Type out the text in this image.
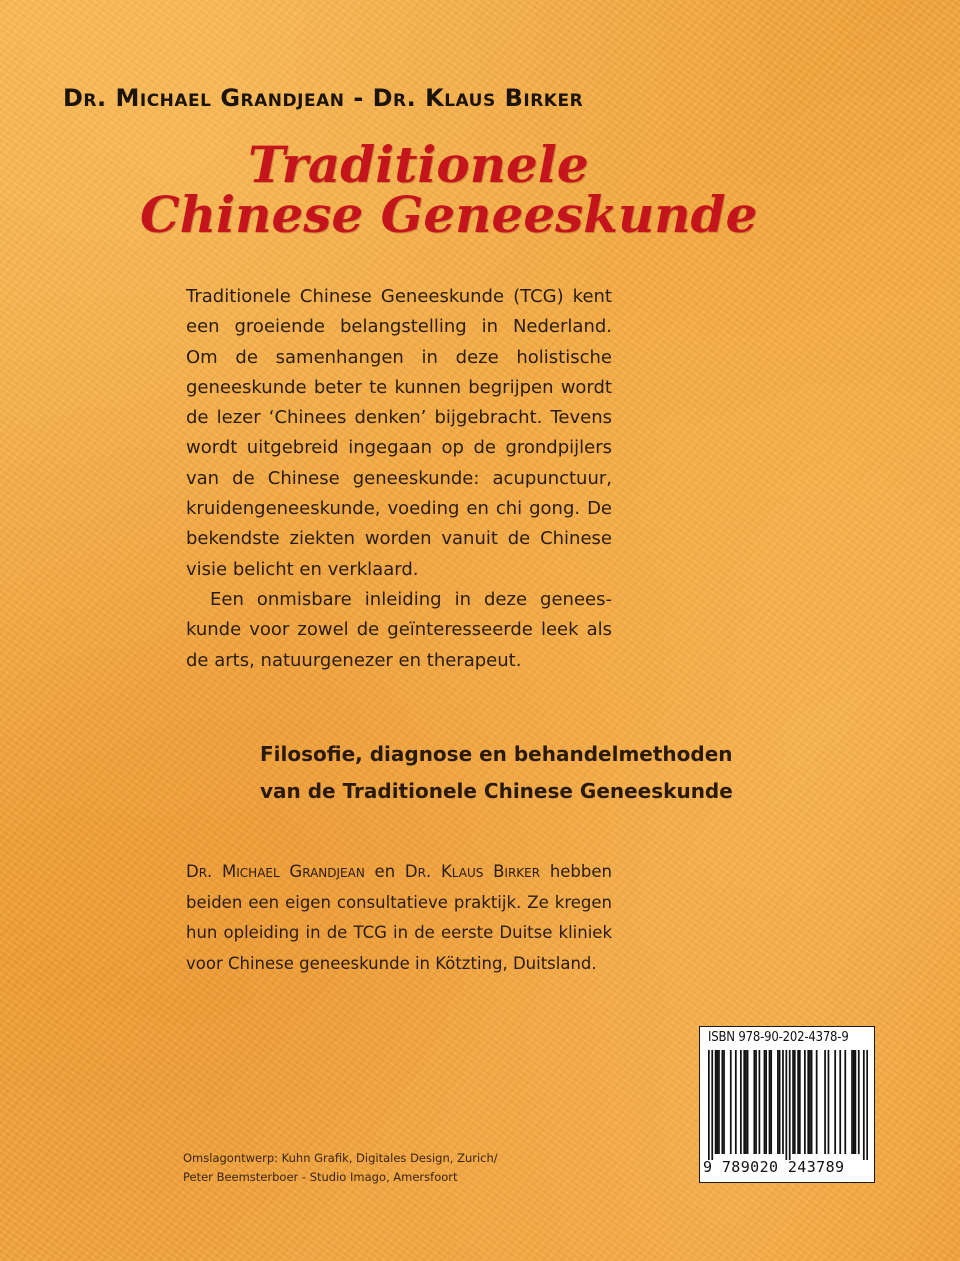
Dr. Michael Grandjean - Dr. Klaus Birker
Traditionele
Chinese Geneeskunde

Traditionele Chinese Geneeskunde (TCG) kent een groeiende belangstelling in Nederland. Om de samenhangen in deze holistische geneeskunde beter te kunnen begrijpen wordt de lezer ‘Chinees denken’ bijgebracht. Tevens wordt uitgebreid ingegaan op de grondpijlers van de Chinese geneeskunde: acupunctuur, kruidengeneeskunde, voeding en chi gong. De bekendste ziekten worden vanuit de Chinese visie belicht en verklaard.

Een onmisbare inleiding in deze geneeskunde voor zowel de geïnteresseerde leek als de arts, natuurgenezer en therapeut.

Filosofie, diagnose en behandelmethoden
van de Traditionele Chinese Geneeskunde
Dr. Michael Grandjean en Dr. Klaus Birker hebben beiden een eigen consultatieve praktijk. Ze kregen hun opleiding in de TCG in de eerste Duitse kliniek voor Chinese geneeskunde in Kötzting, Duitsland.
Omslagontwerp: Kuhn Grafik, Digitales Design, Zurich/
Peter Beemsterboer - Studio Imago, Amersfoort
ISBN 978-90-202-4378-9
9 789020 243789
